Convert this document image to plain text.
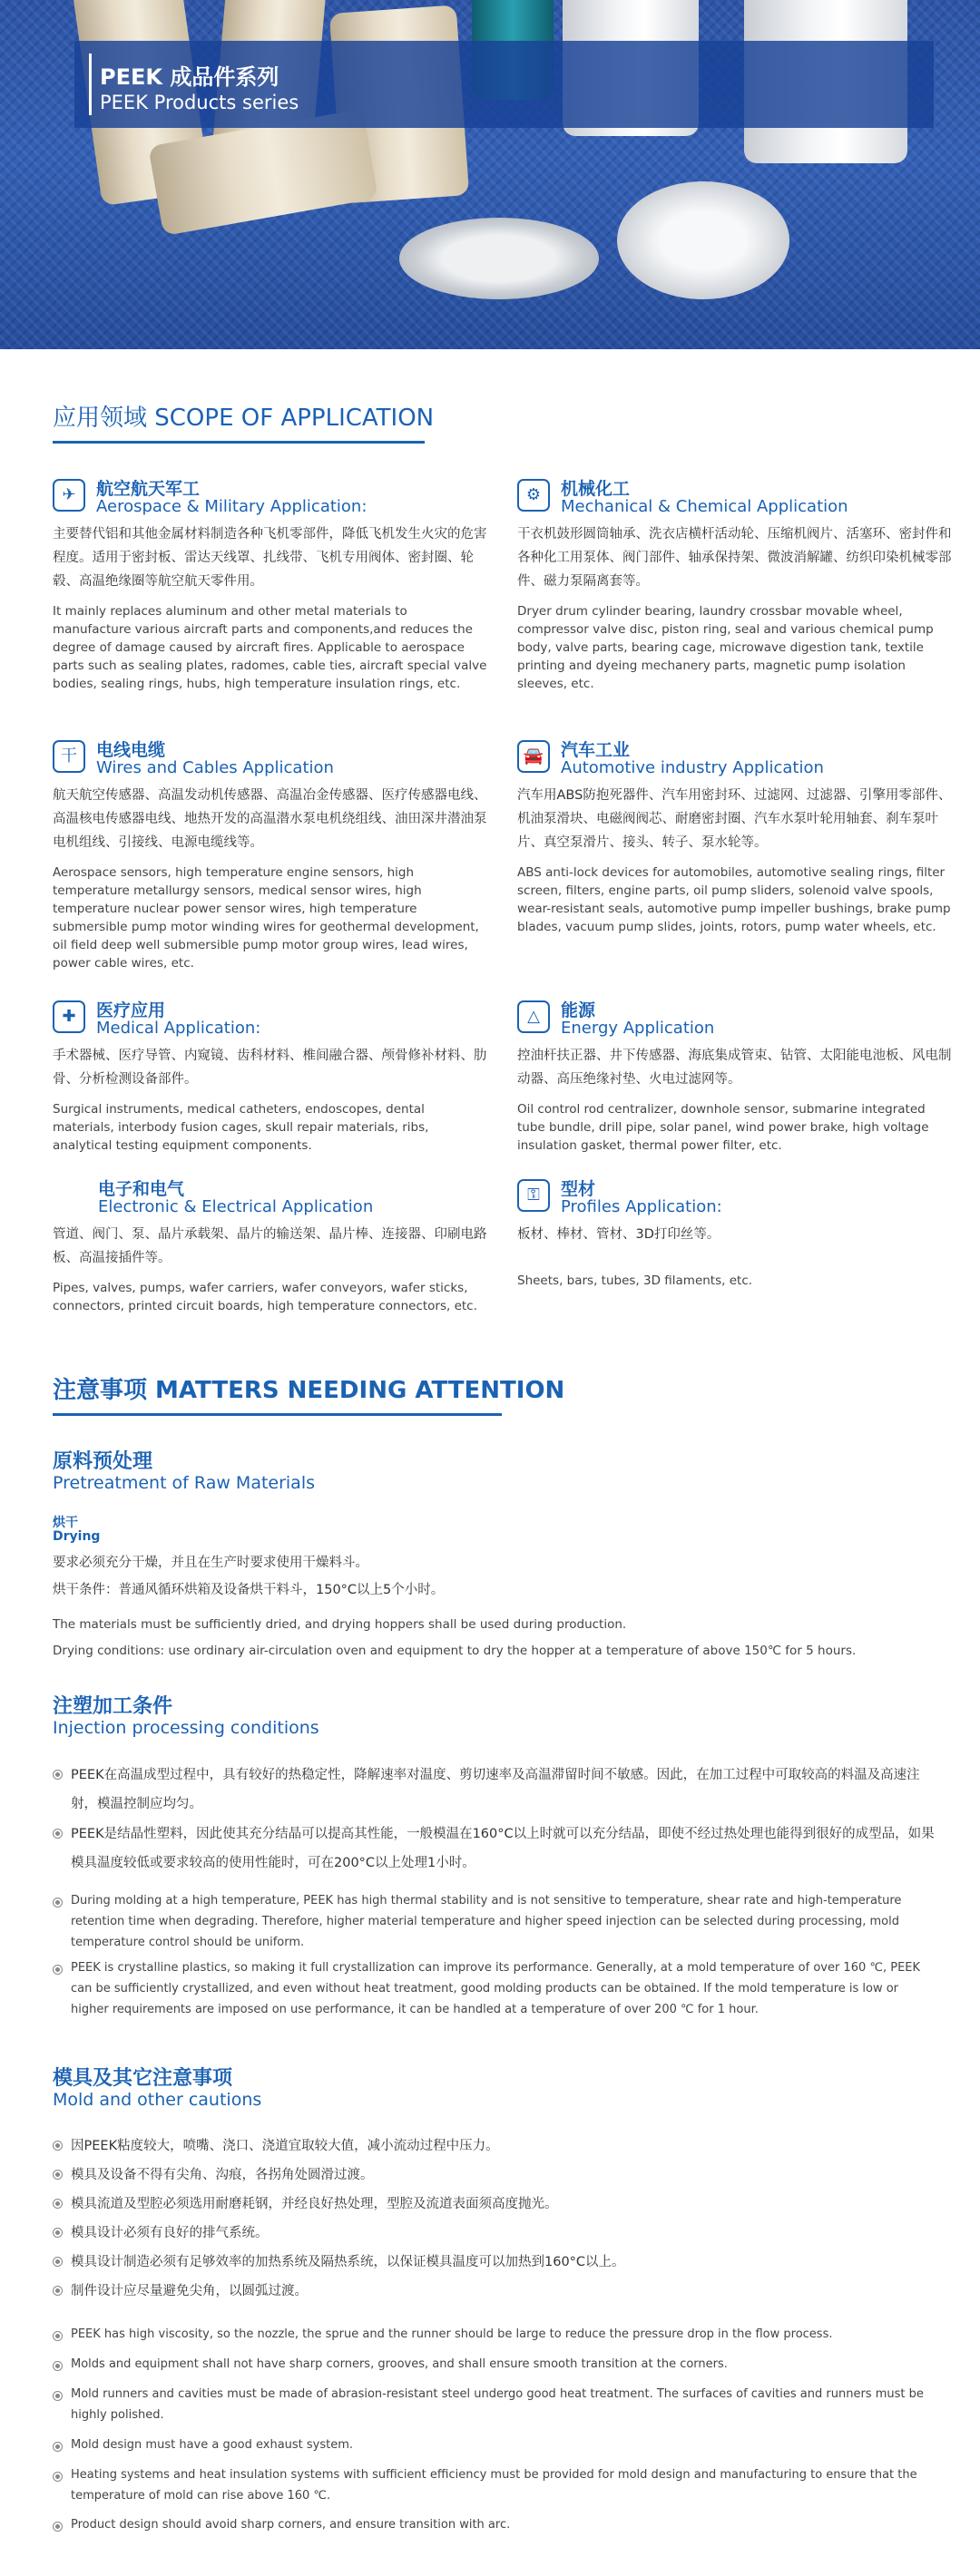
PEEK 成品件系列
PEEK Products series
应用领域 SCOPE OF APPLICATION
✈	航空航天军工
Aerospace & Military Application:
主要替代铝和其他金属材料制造各种飞机零部件，降低飞机发生火灾的危害程度。适用于密封板、雷达天线罩、扎线带、飞机专用阀体、密封圈、轮毂、高温绝缘圈等航空航天零件用。
It mainly replaces aluminum and other metal materials to manufacture various aircraft parts and components,and reduces the degree of damage caused by aircraft fires. Applicable to aerospace parts such as sealing plates, radomes, cable ties, aircraft special valve bodies, sealing rings, hubs, high temperature insulation rings, etc.
⚙	机械化工
Mechanical & Chemical Application
干衣机鼓形圆筒轴承、洗衣店横杆活动轮、压缩机阀片、活塞环、密封件和各种化工用泵体、阀门部件、轴承保持架、微波消解罐、纺织印染机械零部件、磁力泵隔离套等。
Dryer drum cylinder bearing, laundry crossbar movable wheel, compressor valve disc, piston ring, seal and various chemical pump body, valve parts, bearing cage, microwave digestion tank, textile printing and dyeing mechanery parts, magnetic pump isolation sleeves, etc.
干	电线电缆
Wires and Cables Application
航天航空传感器、高温发动机传感器、高温冶金传感器、医疗传感器电线、高温核电传感器电线、地热开发的高温潜水泵电机绕组线、油田深井潜油泵电机组线、引接线、电源电缆线等。
Aerospace sensors, high temperature engine sensors, high temperature metallurgy sensors, medical sensor wires, high temperature nuclear power sensor wires, high temperature submersible pump motor winding wires for geothermal development, oil field deep well submersible pump motor group wires, lead wires, power cable wires, etc.
🚘 汽车工业
Automotive industry Application
汽车用ABS防抱死器件、汽车用密封环、过滤网、过滤器、引擎用零部件、机油泵滑块、电磁阀阀芯、耐磨密封圈、汽车水泵叶轮用轴套、刹车泵叶片、真空泵滑片、接头、转子、泵水轮等。
ABS anti-lock devices for automobiles, automotive sealing rings, filter screen, filters, engine parts, oil pump sliders, solenoid valve spools, wear-resistant seals, automotive pump impeller bushings, brake pump blades, vacuum pump slides, joints, rotors, pump water wheels, etc.
✚	医疗应用
Medical Application:
手术器械、医疗导管、内窥镜、齿科材料、椎间融合器、颅骨修补材料、肋骨、分析检测设备部件。
Surgical instruments, medical catheters, endoscopes, dental materials, interbody fusion cages, skull repair materials, ribs, analytical testing equipment components.
△	能源
Energy Application
控油杆扶正器、井下传感器、海底集成管束、钻管、太阳能电池板、风电制动器、高压绝缘衬垫、火电过滤网等。
Oil control rod centralizer, downhole sensor, submarine integrated tube bundle, drill pipe, solar panel, wind power brake, high voltage insulation gasket, thermal power filter, etc.
电子和电气
Electronic & Electrical Application
管道、阀门、泵、晶片承载架、晶片的输送架、晶片棒、连接器、印刷电路板、高温接插件等。
Pipes, valves, pumps, wafer carriers, wafer conveyors, wafer sticks, connectors, printed circuit boards, high temperature connectors, etc.
⚿	型材
Profiles Application:
板材、棒材、管材、3D打印丝等。
Sheets, bars, tubes, 3D filaments, etc.
注意事项 MATTERS NEEDING ATTENTION
原料预处理
Pretreatment of Raw Materials
烘干
Drying
要求必须充分干燥，并且在生产时要求使用干燥料斗。
烘干条件：普通风循环烘箱及设备烘干料斗，150°C以上5个小时。
The materials must be sufficiently dried, and drying hoppers shall be used during production.
Drying conditions: use ordinary air-circulation oven and equipment to dry the hopper at a temperature of above 150℃ for 5 hours.
注塑加工条件
Injection processing conditions
PEEK在高温成型过程中，具有较好的热稳定性，降解速率对温度、剪切速率及高温滞留时间不敏感。因此，在加工过程中可取较高的料温及高速注射，模温控制应均匀。
PEEK是结晶性塑料，因此使其充分结晶可以提高其性能，一般模温在160°C以上时就可以充分结晶，即使不经过热处理也能得到很好的成型品，如果模具温度较低或要求较高的使用性能时，可在200°C以上处理1小时。
During molding at a high temperature, PEEK has high thermal stability and is not sensitive to temperature, shear rate and high-temperature retention time when degrading. Therefore, higher material temperature and higher speed injection can be selected during processing, mold temperature control should be uniform.
PEEK is crystalline plastics, so making it full crystallization can improve its performance. Generally, at a mold temperature of over 160 ℃, PEEK can be sufficiently crystallized, and even without heat treatment, good molding products can be obtained. If the mold temperature is low or higher requirements are imposed on use performance, it can be handled at a temperature of over 200 ℃ for 1 hour.
模具及其它注意事项
Mold and other cautions
因PEEK粘度较大，喷嘴、浇口、浇道宜取较大值，减小流动过程中压力。
模具及设备不得有尖角、沟痕，各拐角处圆滑过渡。
模具流道及型腔必须选用耐磨耗钢，并经良好热处理，型腔及流道表面须高度抛光。
模具设计必须有良好的排气系统。
模具设计制造必须有足够效率的加热系统及隔热系统，以保证模具温度可以加热到160°C以上。
制件设计应尽量避免尖角，以圆弧过渡。
PEEK has high viscosity, so the nozzle, the sprue and the runner should be large to reduce the pressure drop in the flow process.
Molds and equipment shall not have sharp corners, grooves, and shall ensure smooth transition at the corners.
Mold runners and cavities must be made of abrasion-resistant steel undergo good heat treatment. The surfaces of cavities and runners must be highly polished.
Mold design must have a good exhaust system.
Heating systems and heat insulation systems with sufficient efficiency must be provided for mold design and manufacturing to ensure that the temperature of mold can rise above 160 ℃.
Product design should avoid sharp corners, and ensure transition with arc.
